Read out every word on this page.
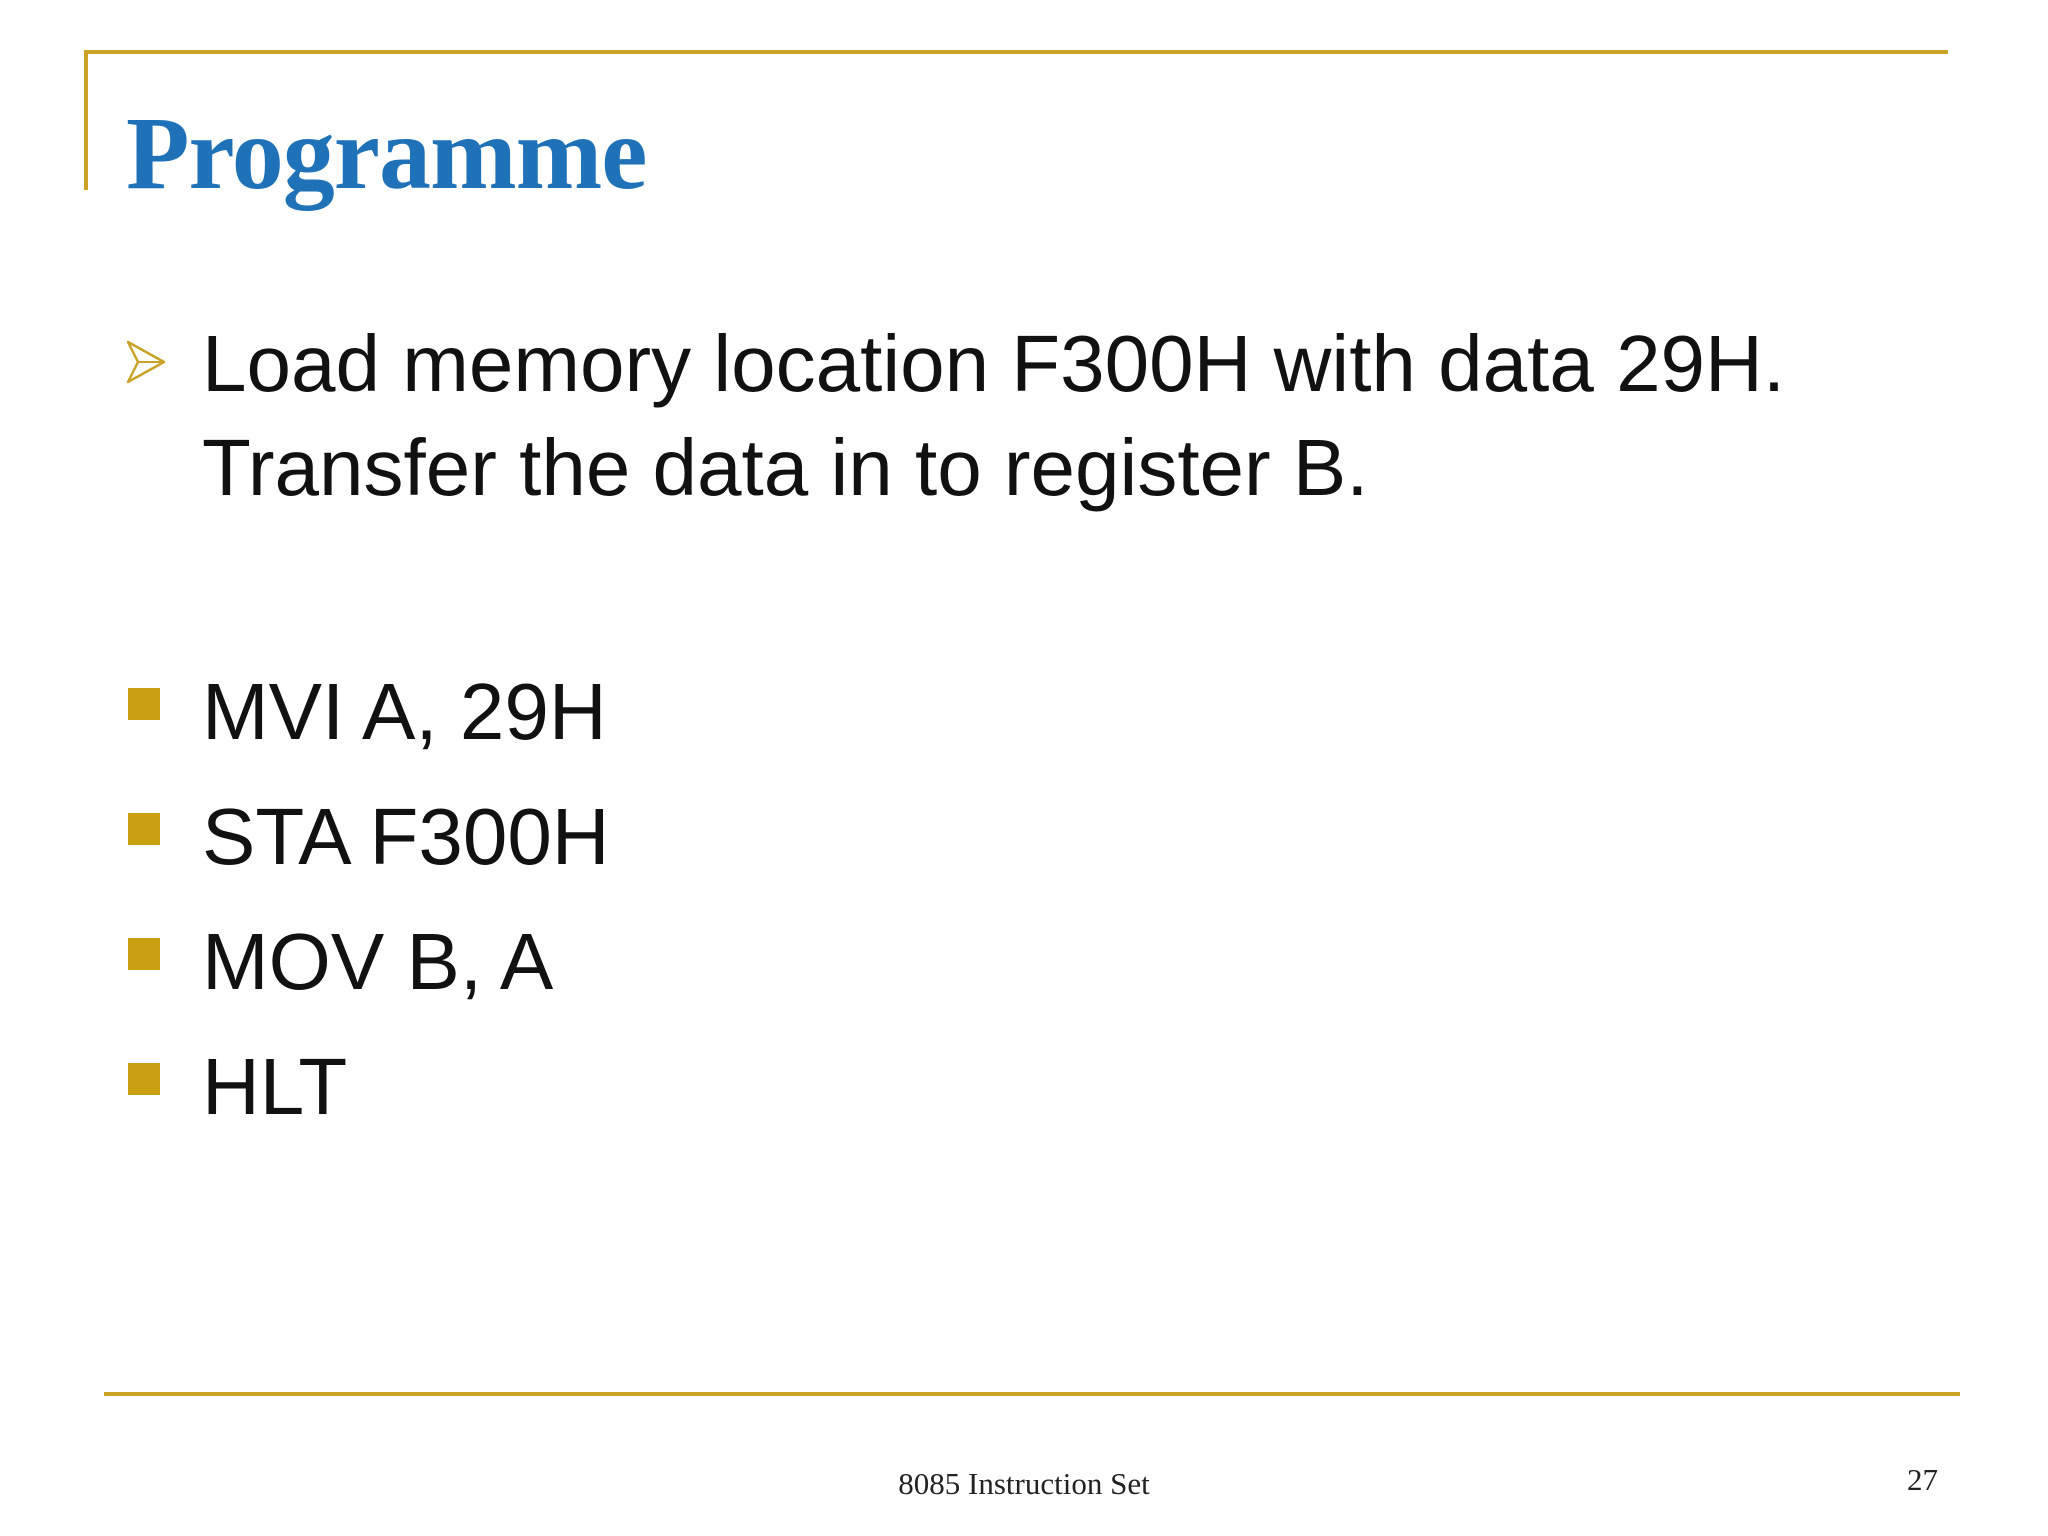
Programme

Load memory location F300H with data 29H. Transfer the data in to register B.

MVI A, 29H
STA F300H
MOV B, A
HLT
8085 Instruction Set	27
